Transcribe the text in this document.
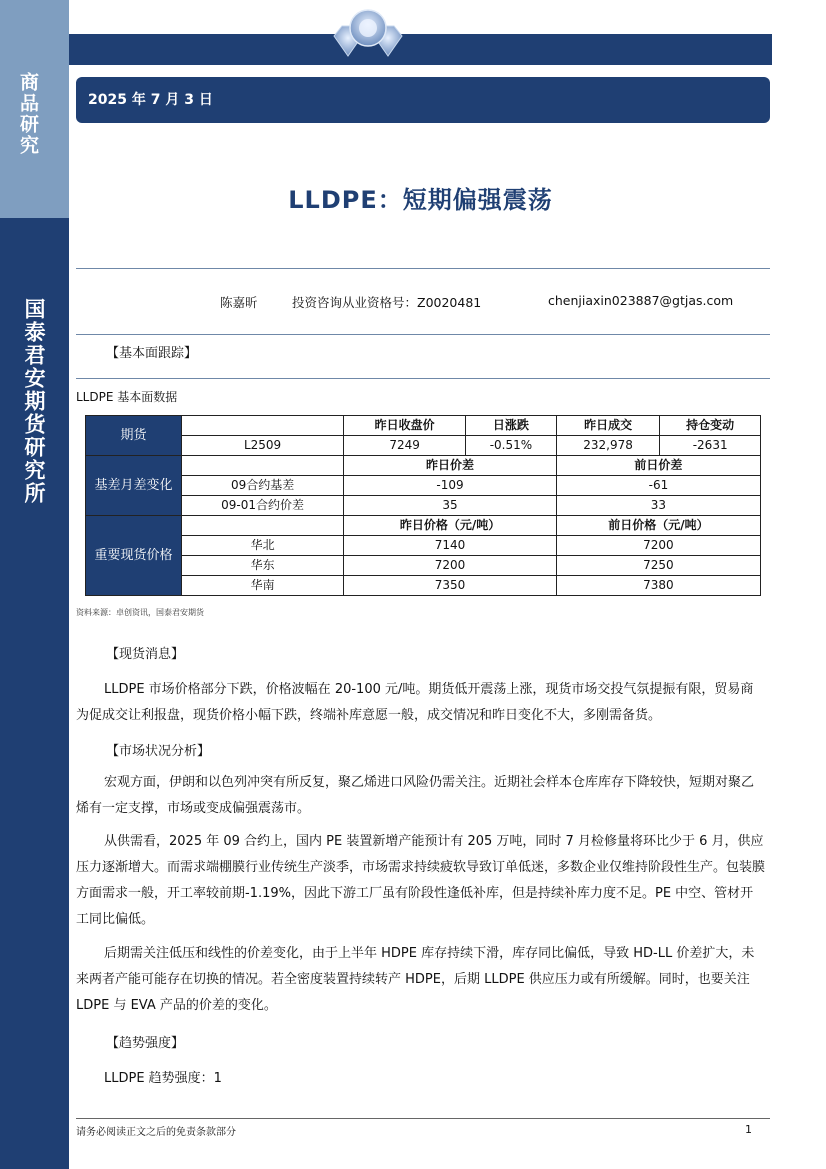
商品研究
国泰君安期货研究所
2025 年 7 月 3 日
LLDPE：短期偏强震荡
陈嘉昕	投资咨询从业资格号：Z0020481	chenjiaxin023887@gtjas.com
【基本面跟踪】
LLDPE 基本面数据
期货		昨日收盘价	日涨跌	昨日成交	持仓变动
	L2509	7249	-0.51%	232,978	-2631
基差月差变化		昨日价差		前日价差	
	09合约基差	-109		-61	
	09-01合约价差	35		33	
重要现货价格		昨日价格（元/吨）		前日价格（元/吨）	
	华北	7140		7200	
	华东	7200		7250	
	华南	7350		7380	
资料来源：卓创资讯，国泰君安期货
【现货消息】
LLDPE 市场价格部分下跌，价格波幅在 20-100 元/吨。期货低开震荡上涨，现货市场交投气氛提振有限，贸易商为促成交让利报盘，现货价格小幅下跌，终端补库意愿一般，成交情况和昨日变化不大，多刚需备货。
【市场状况分析】
宏观方面，伊朗和以色列冲突有所反复，聚乙烯进口风险仍需关注。近期社会样本仓库库存下降较快，短期对聚乙烯有一定支撑，市场或变成偏强震荡市。
从供需看，2025 年 09 合约上，国内 PE 装置新增产能预计有 205 万吨，同时 7 月检修量将环比少于 6 月，供应压力逐渐增大。而需求端棚膜行业传统生产淡季，市场需求持续疲软导致订单低迷，多数企业仅维持阶段性生产。包装膜方面需求一般，开工率较前期-1.19%，因此下游工厂虽有阶段性逢低补库，但是持续补库力度不足。PE 中空、管材开工同比偏低。
后期需关注低压和线性的价差变化，由于上半年 HDPE 库存持续下滑，库存同比偏低，导致 HD-LL 价差扩大，未来两者产能可能存在切换的情况。若全密度装置持续转产 HDPE，后期 LLDPE 供应压力或有所缓解。同时，也要关注 LDPE 与 EVA 产品的价差的变化。
【趋势强度】
LLDPE 趋势强度：1
请务必阅读正文之后的免责条款部分	1
